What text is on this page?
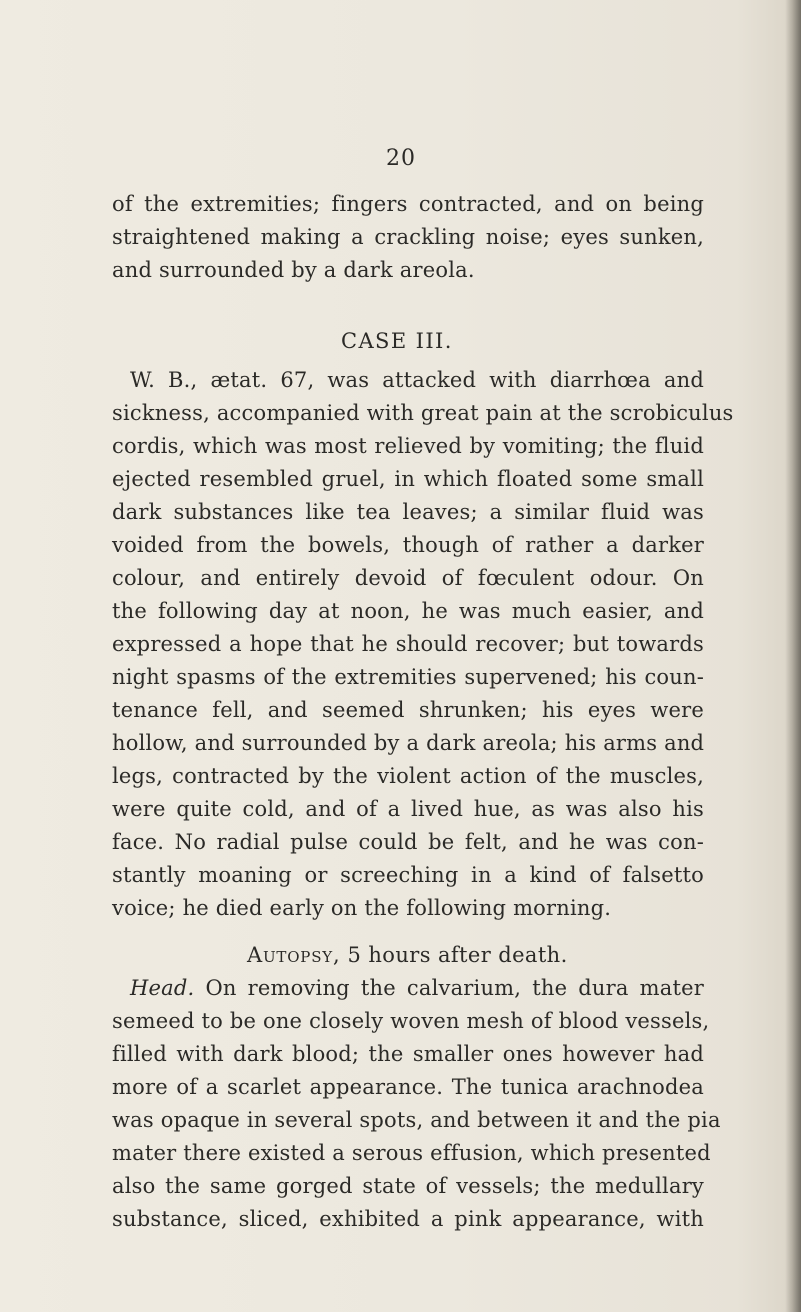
20
of the extremities; fingers contracted, and on being
straightened making a crackling noise; eyes sunken,
and surrounded by a dark areola.
CASE III.
W. B., ætat. 67, was attacked with diarrhœa and
sickness, accompanied with great pain at the scrobiculus
cordis, which was most relieved by vomiting; the fluid
ejected resembled gruel, in which floated some small
dark substances like tea leaves; a similar fluid was
voided from the bowels, though of rather a darker
colour, and entirely devoid of fœculent odour. On
the following day at noon, he was much easier, and
expressed a hope that he should recover; but towards
night spasms of the extremities supervened; his coun-
tenance fell, and seemed shrunken; his eyes were
hollow, and surrounded by a dark areola; his arms and
legs, contracted by the violent action of the muscles,
were quite cold, and of a lived hue, as was also his
face. No radial pulse could be felt, and he was con-
stantly moaning or screeching in a kind of falsetto
voice; he died early on the following morning.
Autopsy, 5 hours after death.
Head. On removing the calvarium, the dura mater
semeed to be one closely woven mesh of blood vessels,
filled with dark blood; the smaller ones however had
more of a scarlet appearance. The tunica arachnodea
was opaque in several spots, and between it and the pia
mater there existed a serous effusion, which presented
also the same gorged state of vessels; the medullary
substance, sliced, exhibited a pink appearance, with
